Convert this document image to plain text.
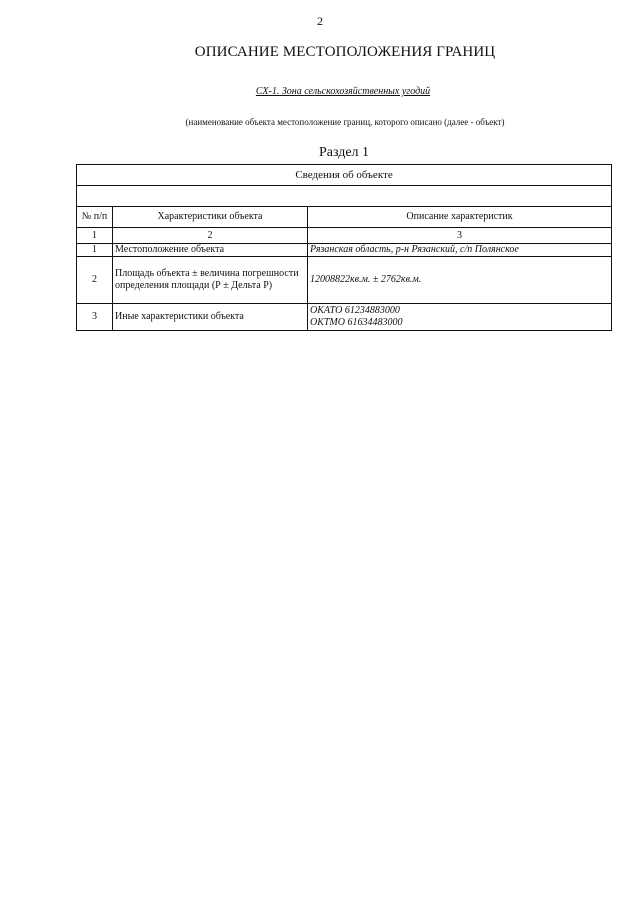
2
ОПИСАНИЕ МЕСТОПОЛОЖЕНИЯ ГРАНИЦ
СХ-1. Зона сельскохозяйственных угодий
(наименование объекта местоположение границ, которого описано (далее - объект)
Раздел 1
Сведения об объекте		

№ п/п	Характеристики объекта	Описание характеристик
1	2	3
1	Местоположение объекта	Рязанская область, р-н Рязанский, с/п Полянское
2	Площадь объекта ± величина погрешности определения площади (Р ± Дельта Р)	12008822кв.м. ± 2762кв.м.
3	Иные характеристики объекта	ОКАТО 61234883000
ОКТМО 61634483000
